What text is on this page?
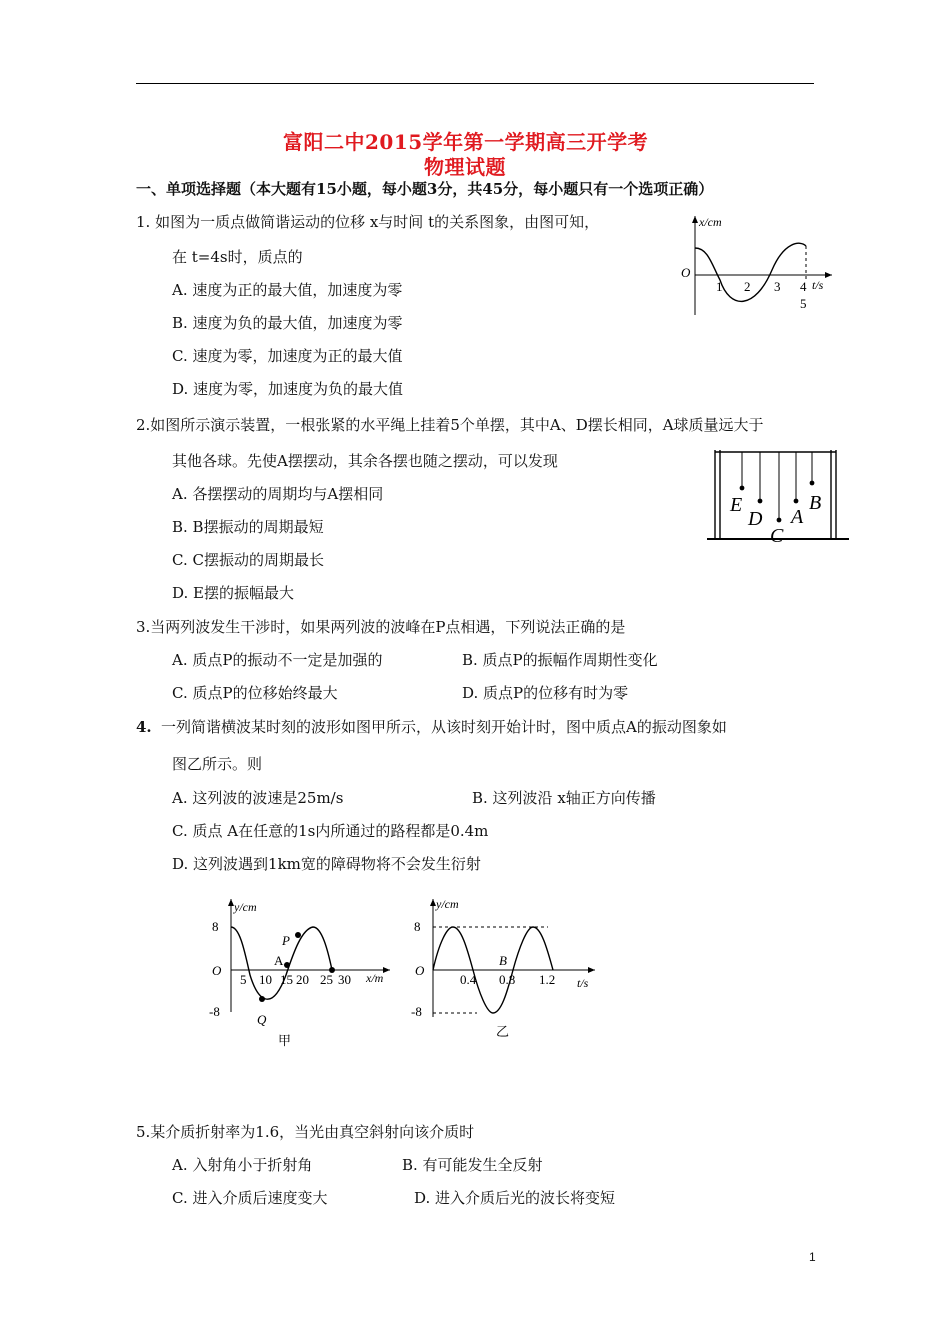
富阳二中2015学年第一学期高三开学考
物理试题
一、单项选择题（本大题有15小题，每小题3分，共45分，每小题只有一个选项正确）
1. 如图为一质点做简谐运动的位移 x与时间 t的关系图象，由图可知，
在 t=4s时，质点的
A. 速度为正的最大值，加速度为零
B. 速度为负的最大值，加速度为零
C. 速度为零，加速度为正的最大值
D. 速度为零，加速度为负的最大值
x/cm
O
1 2 3 4 t/s
5
2.如图所示演示装置，一根张紧的水平绳上挂着5个单摆，其中A、D摆长相同，A球质量远大于
其他各球。先使A摆摆动，其余各摆也随之摆动，可以发现
A. 各摆摆动的周期均与A摆相同
B. B摆振动的周期最短
C. C摆振动的周期最长
D. E摆的振幅最大
E
D
C
A
B
3.当两列波发生干涉时，如果两列波的波峰在P点相遇，下列说法正确的是
A. 质点P的振动不一定是加强的	B. 质点P的振幅作周期性变化
C. 质点P的位移始终最大	D. 质点P的位移有时为零
4. 一列简谐横波某时刻的波形如图甲所示，从该时刻开始计时，图中质点A的振动图象如
图乙所示。则
A. 这列波的波速是25m/s	B. 这列波沿 x轴正方向传播
C. 质点 A在任意的1s内所通过的路程都是0.4m
D. 这列波遇到1km宽的障碍物将不会发生衍射
y/cm
8
-8
O
5 10 15 20 25 30 x/m
P
A
Q
甲
y/cm
8
-8
O
B
0.4 0.8 1.2 t/s
乙
5.某介质折射率为1.6，当光由真空斜射向该介质时
A. 入射角小于折射角	B. 有可能发生全反射
C. 进入介质后速度变大	D. 进入介质后光的波长将变短
1
